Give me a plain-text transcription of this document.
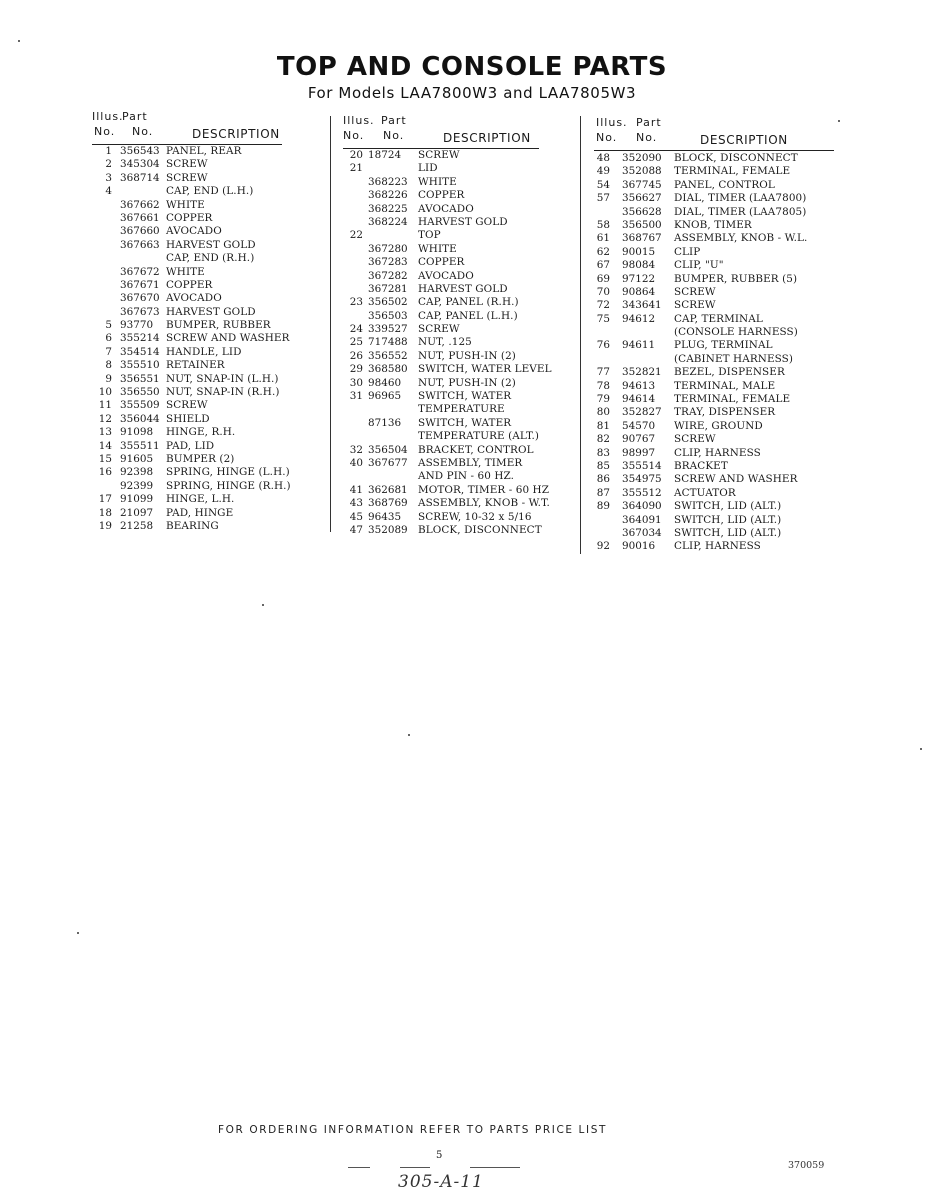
TOP AND CONSOLE PARTS
For Models LAA7800W3 and LAA7805W3
Illus.
Part
No. No.	DESCRIPTION
1 356543 PANEL, REAR
2 345304 SCREW
3 368714 SCREW
4	CAP, END (L.H.)
367662 WHITE
367661 COPPER
367660 AVOCADO
367663 HARVEST GOLD
CAP, END (R.H.)
367672 WHITE
367671 COPPER
367670 AVOCADO
367673 HARVEST GOLD
5 93770 BUMPER, RUBBER
6 355214 SCREW AND WASHER
7 354514 HANDLE, LID
8 355510 RETAINER
9 356551 NUT, SNAP-IN (L.H.)
10 356550 NUT, SNAP-IN (R.H.)
11 355509 SCREW
12 356044 SHIELD
13 91098 HINGE, R.H.
14 355511 PAD, LID
15 91605 BUMPER (2)
16 92398 SPRING, HINGE (L.H.)
92399 SPRING, HINGE (R.H.)
17 91099 HINGE, L.H.
18 21097 PAD, HINGE
19 21258 BEARING
Illus. Part
No. No.	DESCRIPTION
20 18724 SCREW
21	LID
368223 WHITE
368226 COPPER
368225 AVOCADO
368224 HARVEST GOLD
22	TOP
367280 WHITE
367283 COPPER
367282 AVOCADO
367281 HARVEST GOLD
23 356502 CAP, PANEL (R.H.)
356503 CAP, PANEL (L.H.)
24 339527 SCREW
25 717488 NUT, .125
26 356552 NUT, PUSH-IN (2)
29 368580 SWITCH, WATER LEVEL
30 98460 NUT, PUSH-IN (2)
31 96965 SWITCH, WATER
TEMPERATURE
87136 SWITCH, WATER
TEMPERATURE (ALT.)
32 356504 BRACKET, CONTROL
40 367677 ASSEMBLY, TIMER
AND PIN - 60 HZ.
41 362681 MOTOR, TIMER - 60 HZ
43 368769 ASSEMBLY, KNOB - W.T.
45 96435 SCREW, 10-32 x 5/16
47 352089 BLOCK, DISCONNECT
Illus. Part
No. No.	DESCRIPTION
48 352090 BLOCK, DISCONNECT
49 352088 TERMINAL, FEMALE
54 367745 PANEL, CONTROL
57 356627 DIAL, TIMER (LAA7800)
356628 DIAL, TIMER (LAA7805)
58 356500 KNOB, TIMER
61 368767 ASSEMBLY, KNOB - W.L.
62 90015 CLIP
67 98084 CLIP, "U"
69 97122 BUMPER, RUBBER (5)
70 90864 SCREW
72 343641 SCREW
75 94612 CAP, TERMINAL
(CONSOLE HARNESS)
76 94611 PLUG, TERMINAL
(CABINET HARNESS)
77 352821 BEZEL, DISPENSER
78 94613 TERMINAL, MALE
79 94614 TERMINAL, FEMALE
80 352827 TRAY, DISPENSER
81 54570 WIRE, GROUND
82 90767 SCREW
83 98997 CLIP, HARNESS
85 355514 BRACKET
86 354975 SCREW AND WASHER
87 355512 ACTUATOR
89 364090 SWITCH, LID (ALT.)
364091 SWITCH, LID (ALT.)
367034 SWITCH, LID (ALT.)
92 90016 CLIP, HARNESS
FOR ORDERING INFORMATION REFER TO PARTS PRICE LIST
5
370059
305-A-11
